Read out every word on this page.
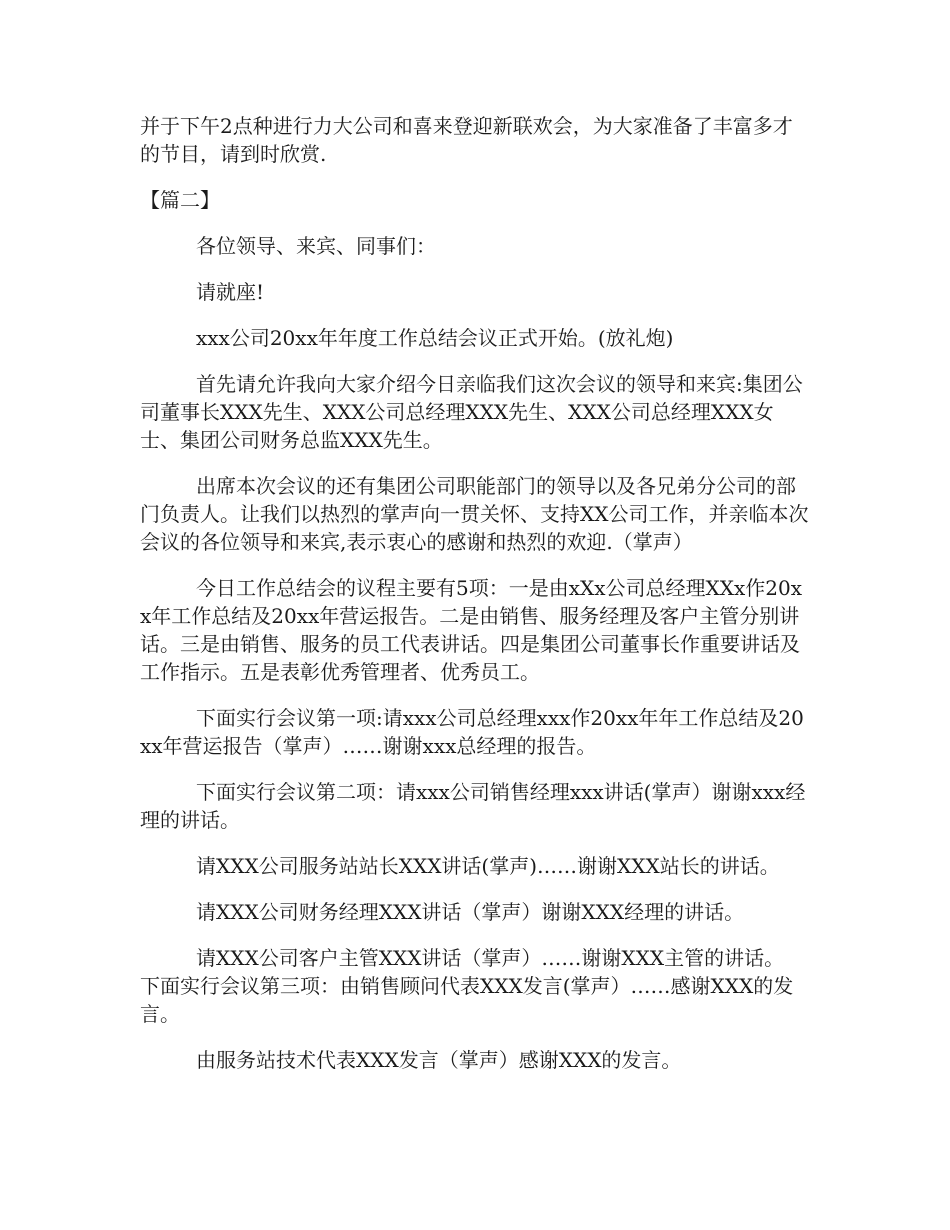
并于下午2点种进行力大公司和喜来登迎新联欢会，为大家准备了丰富多才的节目，请到时欣赏.

【篇二】

各位领导、来宾、同事们：

请就座!

xxx公司20xx年年度工作总结会议正式开始。(放礼炮)

首先请允许我向大家介绍今日亲临我们这次会议的领导和来宾:集团公司董事长XXX先生、XXX公司总经理XXX先生、XXX公司总经理XXX女士、集团公司财务总监XXX先生。

出席本次会议的还有集团公司职能部门的领导以及各兄弟分公司的部门负责人。让我们以热烈的掌声向一贯关怀、支持XX公司工作，并亲临本次会议的各位领导和来宾,表示衷心的感谢和热烈的欢迎.（掌声）

今日工作总结会的议程主要有5项：一是由xXx公司总经理XXx作20xx年工作总结及20xx年营运报告。二是由销售、服务经理及客户主管分别讲话。三是由销售、服务的员工代表讲话。四是集团公司董事长作重要讲话及工作指示。五是表彰优秀管理者、优秀员工。

下面实行会议第一项:请xxx公司总经理xxx作20xx年年工作总结及20xx年营运报告（掌声）……谢谢xxx总经理的报告。

下面实行会议第二项：请xxx公司销售经理xxx讲话(掌声）谢谢xxx经理的讲话。

请XXX公司服务站站长XXX讲话(掌声)……谢谢XXX站长的讲话。

请XXX公司财务经理XXX讲话（掌声）谢谢XXX经理的讲话。

请XXX公司客户主管XXX讲话（掌声）……谢谢XXX主管的讲话。

下面实行会议第三项：由销售顾问代表XXX发言(掌声）……感谢XXX的发言。

由服务站技术代表XXX发言（掌声）感谢XXX的发言。
